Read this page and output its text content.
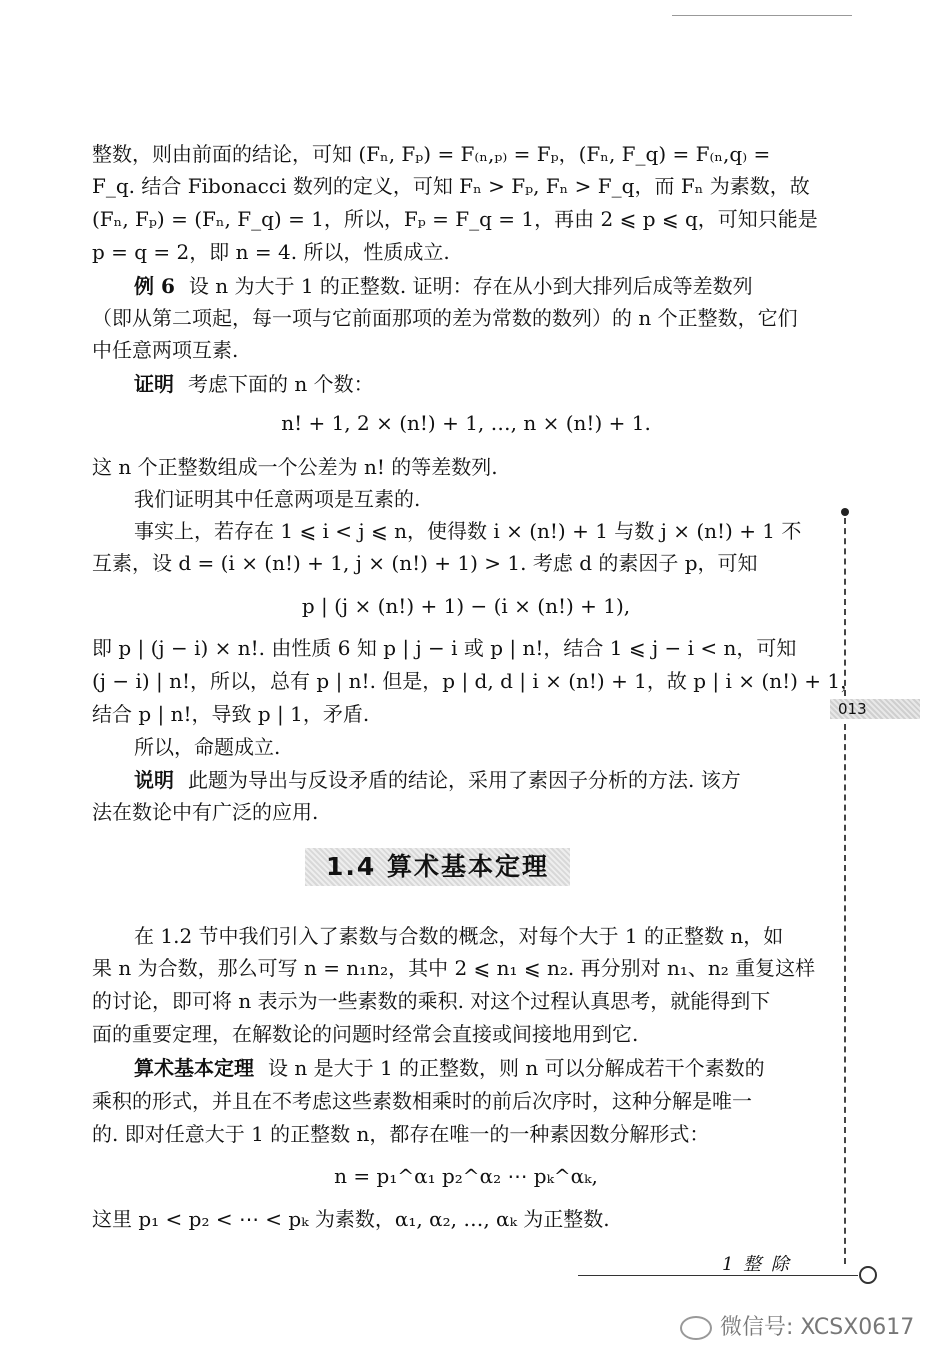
整数，则由前面的结论，可知 (Fₙ, Fₚ) = F₍ₙ,ₚ₎ = Fₚ，(Fₙ, F_q) = F₍ₙ,q₎ =
F_q. 结合 Fibonacci 数列的定义，可知 Fₙ > Fₚ, Fₙ > F_q，而 Fₙ 为素数，故
(Fₙ, Fₚ) = (Fₙ, F_q) = 1，所以，Fₚ = F_q = 1，再由 2 ⩽ p ⩽ q，可知只能是
p = q = 2，即 n = 4. 所以，性质成立.
例 6 设 n 为大于 1 的正整数. 证明：存在从小到大排列后成等差数列
（即从第二项起，每一项与它前面那项的差为常数的数列）的 n 个正整数，它们
中任意两项互素.
证明 考虑下面的 n 个数：
n! + 1, 2 × (n!) + 1, …, n × (n!) + 1.
这 n 个正整数组成一个公差为 n! 的等差数列.
我们证明其中任意两项是互素的.
事实上，若存在 1 ⩽ i < j ⩽ n，使得数 i × (n!) + 1 与数 j × (n!) + 1 不
互素，设 d = (i × (n!) + 1, j × (n!) + 1) > 1. 考虑 d 的素因子 p，可知
p | (j × (n!) + 1) − (i × (n!) + 1),
即 p | (j − i) × n!. 由性质 6 知 p | j − i 或 p | n!，结合 1 ⩽ j − i < n，可知
(j − i) | n!，所以，总有 p | n!. 但是，p | d, d | i × (n!) + 1，故 p | i × (n!) + 1，
结合 p | n!，导致 p | 1，矛盾.
所以，命题成立.
说明 此题为导出与反设矛盾的结论，采用了素因子分析的方法. 该方
法在数论中有广泛的应用.
1.4 算术基本定理
在 1.2 节中我们引入了素数与合数的概念，对每个大于 1 的正整数 n，如
果 n 为合数，那么可写 n = n₁n₂，其中 2 ⩽ n₁ ⩽ n₂. 再分别对 n₁、n₂ 重复这样
的讨论，即可将 n 表示为一些素数的乘积. 对这个过程认真思考，就能得到下
面的重要定理，在解数论的问题时经常会直接或间接地用到它.
算术基本定理 设 n 是大于 1 的正整数，则 n 可以分解成若干个素数的
乘积的形式，并且在不考虑这些素数相乘时的前后次序时，这种分解是唯一
的. 即对任意大于 1 的正整数 n，都存在唯一的一种素因数分解形式：
n = p₁^α₁ p₂^α₂ ⋯ pₖ^αₖ,
这里 p₁ < p₂ < ⋯ < pₖ 为素数，α₁, α₂, …, αₖ 为正整数.
013
1 整 除
微信号: XCSX0617
